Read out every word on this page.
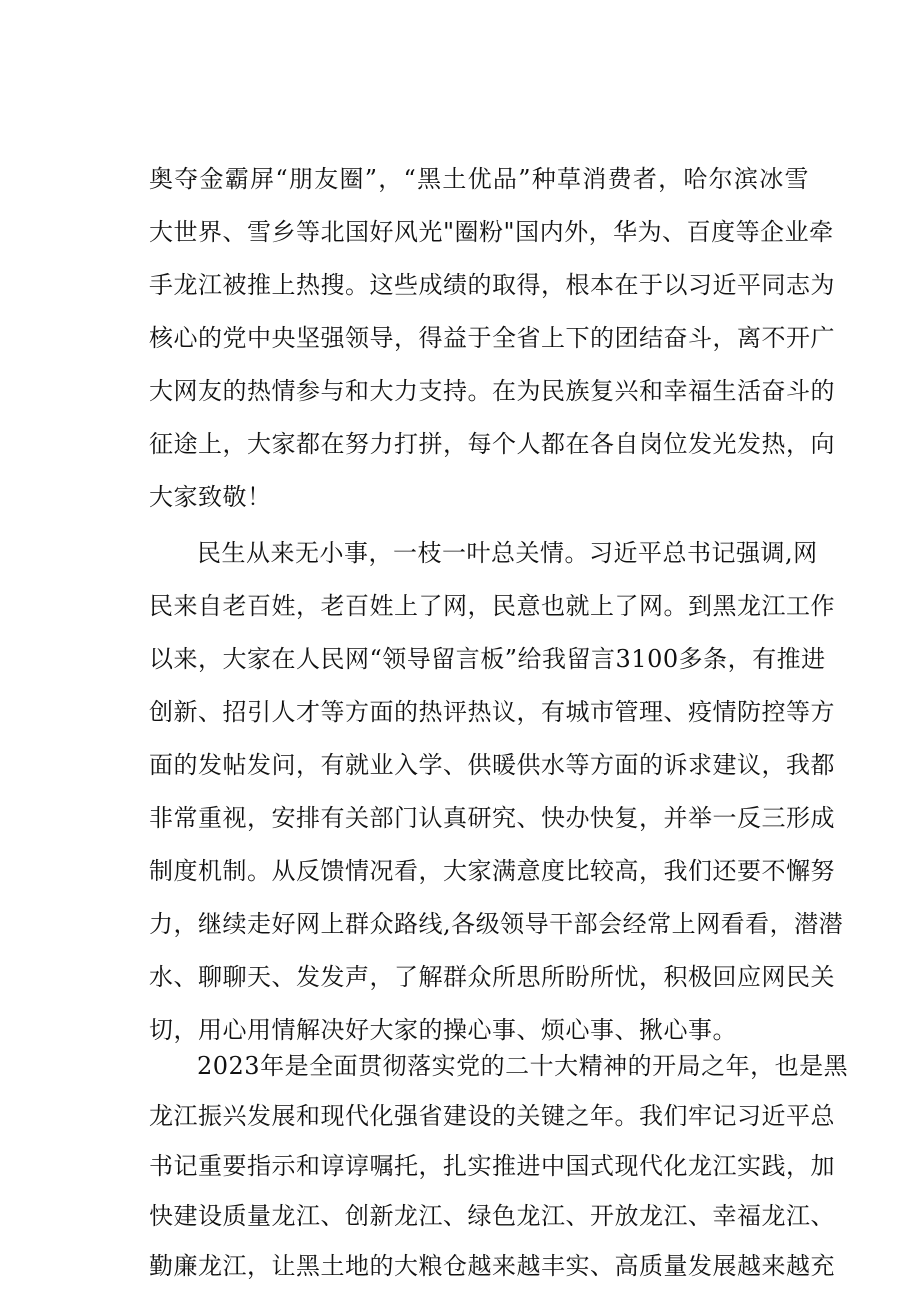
奥夺金霸屏“朋友圈”，“黑土优品”种草消费者，哈尔滨冰雪
大世界、雪乡等北国好风光"圈粉"国内外，华为、百度等企业牵
手龙江被推上热搜。这些成绩的取得，根本在于以习近平同志为
核心的党中央坚强领导，得益于全省上下的团结奋斗，离不开广
大网友的热情参与和大力支持。在为民族复兴和幸福生活奋斗的
征途上，大家都在努力打拼，每个人都在各自岗位发光发热，向
大家致敬！
民生从来无小事，一枝一叶总关情。习近平总书记强调,网
民来自老百姓，老百姓上了网，民意也就上了网。到黑龙江工作
以来，大家在人民网“领导留言板”给我留言3100多条，有推进
创新、招引人才等方面的热评热议，有城市管理、疫情防控等方
面的发帖发问，有就业入学、供暖供水等方面的诉求建议，我都
非常重视，安排有关部门认真研究、快办快复，并举一反三形成
制度机制。从反馈情况看，大家满意度比较高，我们还要不懈努
力，继续走好网上群众路线,各级领导干部会经常上网看看，潜潜
水、聊聊天、发发声，了解群众所思所盼所忧，积极回应网民关
切，用心用情解决好大家的操心事、烦心事、揪心事。
2023年是全面贯彻落实党的二十大精神的开局之年，也是黑
龙江振兴发展和现代化强省建设的关键之年。我们牢记习近平总
书记重要指示和谆谆嘱托，扎实推进中国式现代化龙江实践，加
快建设质量龙江、创新龙江、绿色龙江、开放龙江、幸福龙江、
勤廉龙江，让黑土地的大粮仓越来越丰实、高质量发展越来越充
